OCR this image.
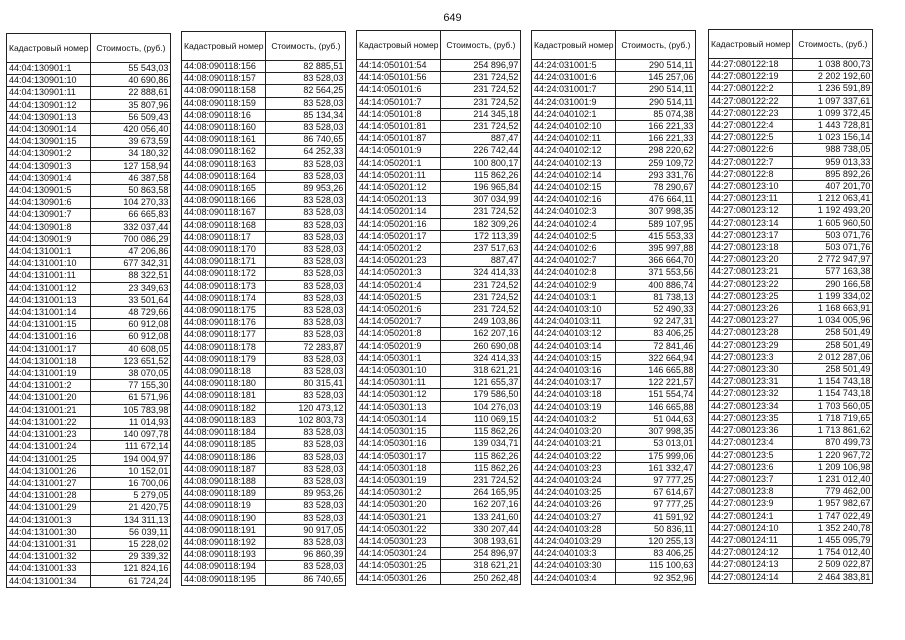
649
Кадастровый номер	Стоимость, (руб.)
44:04:130901:1	55 543,03
44:04:130901:10	40 690,86
44:04:130901:11	22 888,61
44:04:130901:12	35 807,96
44:04:130901:13	56 509,43
44:04:130901:14	420 056,40
44:04:130901:15	39 673,59
44:04:130901:2	34 180,32
44:04:130901:3	127 158,94
44:04:130901:4	46 387,58
44:04:130901:5	50 863,58
44:04:130901:6	104 270,33
44:04:130901:7	66 665,83
44:04:130901:8	332 037,44
44:04:130901:9	700 086,29
44:04:131001:1	47 206,86
44:04:131001:10	677 342,31
44:04:131001:11	88 322,51
44:04:131001:12	23 349,63
44:04:131001:13	33 501,64
44:04:131001:14	48 729,66
44:04:131001:15	60 912,08
44:04:131001:16	60 912,08
44:04:131001:17	40 608,05
44:04:131001:18	123 651,52
44:04:131001:19	38 070,05
44:04:131001:2	77 155,30
44:04:131001:20	61 571,96
44:04:131001:21	105 783,98
44:04:131001:22	11 014,93
44:04:131001:23	140 097,78
44:04:131001:24	111 672,14
44:04:131001:25	194 004,97
44:04:131001:26	10 152,01
44:04:131001:27	16 700,06
44:04:131001:28	5 279,05
44:04:131001:29	21 420,75
44:04:131001:3	134 311,13
44:04:131001:30	56 039,11
44:04:131001:31	15 228,02
44:04:131001:32	29 339,32
44:04:131001:33	121 824,16
44:04:131001:34	61 724,24
Кадастровый номер	Стоимость, (руб.)
44:08:090118:156	82 885,51
44:08:090118:157	83 528,03
44:08:090118:158	82 564,25
44:08:090118:159	83 528,03
44:08:090118:16	85 134,34
44:08:090118:160	83 528,03
44:08:090118:161	86 740,65
44:08:090118:162	64 252,33
44:08:090118:163	83 528,03
44:08:090118:164	83 528,03
44:08:090118:165	89 953,26
44:08:090118:166	83 528,03
44:08:090118:167	83 528,03
44:08:090118:168	83 528,03
44:08:090118:17	83 528,03
44:08:090118:170	83 528,03
44:08:090118:171	83 528,03
44:08:090118:172	83 528,03
44:08:090118:173	83 528,03
44:08:090118:174	83 528,03
44:08:090118:175	83 528,03
44:08:090118:176	83 528,03
44:08:090118:177	83 528,03
44:08:090118:178	72 283,87
44:08:090118:179	83 528,03
44:08:090118:18	83 528,03
44:08:090118:180	80 315,41
44:08:090118:181	83 528,03
44:08:090118:182	120 473,12
44:08:090118:183	102 803,73
44:08:090118:184	83 528,03
44:08:090118:185	83 528,03
44:08:090118:186	83 528,03
44:08:090118:187	83 528,03
44:08:090118:188	83 528,03
44:08:090118:189	89 953,26
44:08:090118:19	83 528,03
44:08:090118:190	83 528,03
44:08:090118:191	90 917,05
44:08:090118:192	83 528,03
44:08:090118:193	96 860,39
44:08:090118:194	83 528,03
44:08:090118:195	86 740,65
Кадастровый номер	Стоимость, (руб.)
44:14:050101:54	254 896,97
44:14:050101:56	231 724,52
44:14:050101:6	231 724,52
44:14:050101:7	231 724,52
44:14:050101:8	214 345,18
44:14:050101:81	231 724,52
44:14:050101:87	887,47
44:14:050101:9	226 742,44
44:14:050201:1	100 800,17
44:14:050201:11	115 862,26
44:14:050201:12	196 965,84
44:14:050201:13	307 034,99
44:14:050201:14	231 724,52
44:14:050201:16	182 309,26
44:14:050201:17	172 113,39
44:14:050201:2	237 517,63
44:14:050201:23	887,47
44:14:050201:3	324 414,33
44:14:050201:4	231 724,52
44:14:050201:5	231 724,52
44:14:050201:6	231 724,52
44:14:050201:7	249 103,86
44:14:050201:8	162 207,16
44:14:050201:9	260 690,08
44:14:050301:1	324 414,33
44:14:050301:10	318 621,21
44:14:050301:11	121 655,37
44:14:050301:12	179 586,50
44:14:050301:13	104 276,03
44:14:050301:14	110 069,15
44:14:050301:15	115 862,26
44:14:050301:16	139 034,71
44:14:050301:17	115 862,26
44:14:050301:18	115 862,26
44:14:050301:19	231 724,52
44:14:050301:2	264 165,95
44:14:050301:20	162 207,16
44:14:050301:21	133 241,60
44:14:050301:22	330 207,44
44:14:050301:23	308 193,61
44:14:050301:24	254 896,97
44:14:050301:25	318 621,21
44:14:050301:26	250 262,48
Кадастровый номер	Стоимость, (руб.)
44:24:031001:5	290 514,11
44:24:031001:6	145 257,06
44:24:031001:7	290 514,11
44:24:031001:9	290 514,11
44:24:040102:1	85 074,38
44:24:040102:10	166 221,33
44:24:040102:11	166 221,33
44:24:040102:12	298 220,62
44:24:040102:13	259 109,72
44:24:040102:14	293 331,76
44:24:040102:15	78 290,67
44:24:040102:16	476 664,11
44:24:040102:3	307 998,35
44:24:040102:4	589 107,95
44:24:040102:5	415 553,33
44:24:040102:6	395 997,88
44:24:040102:7	366 664,70
44:24:040102:8	371 553,56
44:24:040102:9	400 886,74
44:24:040103:1	81 738,13
44:24:040103:10	52 490,33
44:24:040103:11	92 247,31
44:24:040103:12	83 406,25
44:24:040103:14	72 841,46
44:24:040103:15	322 664,94
44:24:040103:16	146 665,88
44:24:040103:17	122 221,57
44:24:040103:18	151 554,74
44:24:040103:19	146 665,88
44:24:040103:2	51 044,63
44:24:040103:20	307 998,35
44:24:040103:21	53 013,01
44:24:040103:22	175 999,06
44:24:040103:23	161 332,47
44:24:040103:24	97 777,25
44:24:040103:25	67 614,67
44:24:040103:26	97 777,25
44:24:040103:27	41 591,92
44:24:040103:28	50 836,11
44:24:040103:29	120 255,13
44:24:040103:3	83 406,25
44:24:040103:30	115 100,63
44:24:040103:4	92 352,96
Кадастровый номер	Стоимость, (руб.)
44:27:080122:18	1 038 800,73
44:27:080122:19	2 202 192,60
44:27:080122:2	1 236 591,89
44:27:080122:22	1 097 337,61
44:27:080122:23	1 099 372,45
44:27:080122:4	1 443 728,81
44:27:080122:5	1 023 156,14
44:27:080122:6	988 738,05
44:27:080122:7	959 013,33
44:27:080122:8	895 892,26
44:27:080123:10	407 201,70
44:27:080123:11	1 212 063,41
44:27:080123:12	1 192 493,20
44:27:080123:14	1 605 960,50
44:27:080123:17	503 071,76
44:27:080123:18	503 071,76
44:27:080123:20	2 772 947,97
44:27:080123:21	577 163,38
44:27:080123:22	290 166,58
44:27:080123:25	1 199 334,02
44:27:080123:26	1 168 663,91
44:27:080123:27	1 034 005,96
44:27:080123:28	258 501,49
44:27:080123:29	258 501,49
44:27:080123:3	2 012 287,06
44:27:080123:30	258 501,49
44:27:080123:31	1 154 743,18
44:27:080123:32	1 154 743,18
44:27:080123:34	1 703 560,05
44:27:080123:35	1 718 719,65
44:27:080123:36	1 713 861,62
44:27:080123:4	870 499,73
44:27:080123:5	1 220 967,72
44:27:080123:6	1 209 106,98
44:27:080123:7	1 231 012,40
44:27:080123:8	779 462,00
44:27:080123:9	1 957 982,67
44:27:080124:1	1 747 022,49
44:27:080124:10	1 352 240,78
44:27:080124:11	1 455 095,79
44:27:080124:12	1 754 012,40
44:27:080124:13	2 509 022,87
44:27:080124:14	2 464 383,81
